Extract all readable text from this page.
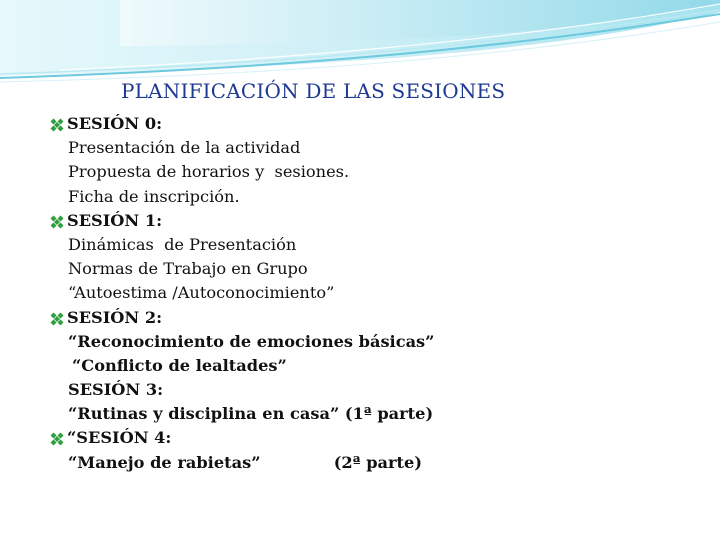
PLANIFICACIÓN DE LAS SESIONES
SESIÓN 0:
Presentación de la actividad
Propuesta de horarios y  sesiones.
Ficha de inscripción.
SESIÓN 1:
Dinámicas  de Presentación
Normas de Trabajo en Grupo
“Autoestima /Autoconocimiento”
SESIÓN 2:
“Reconocimiento de emociones básicas”
“Conflicto de lealtades”
SESIÓN 3:
“Rutinas y disciplina en casa” (1ª parte)
“SESIÓN 4:
“Manejo de rabietas”             (2ª parte)
